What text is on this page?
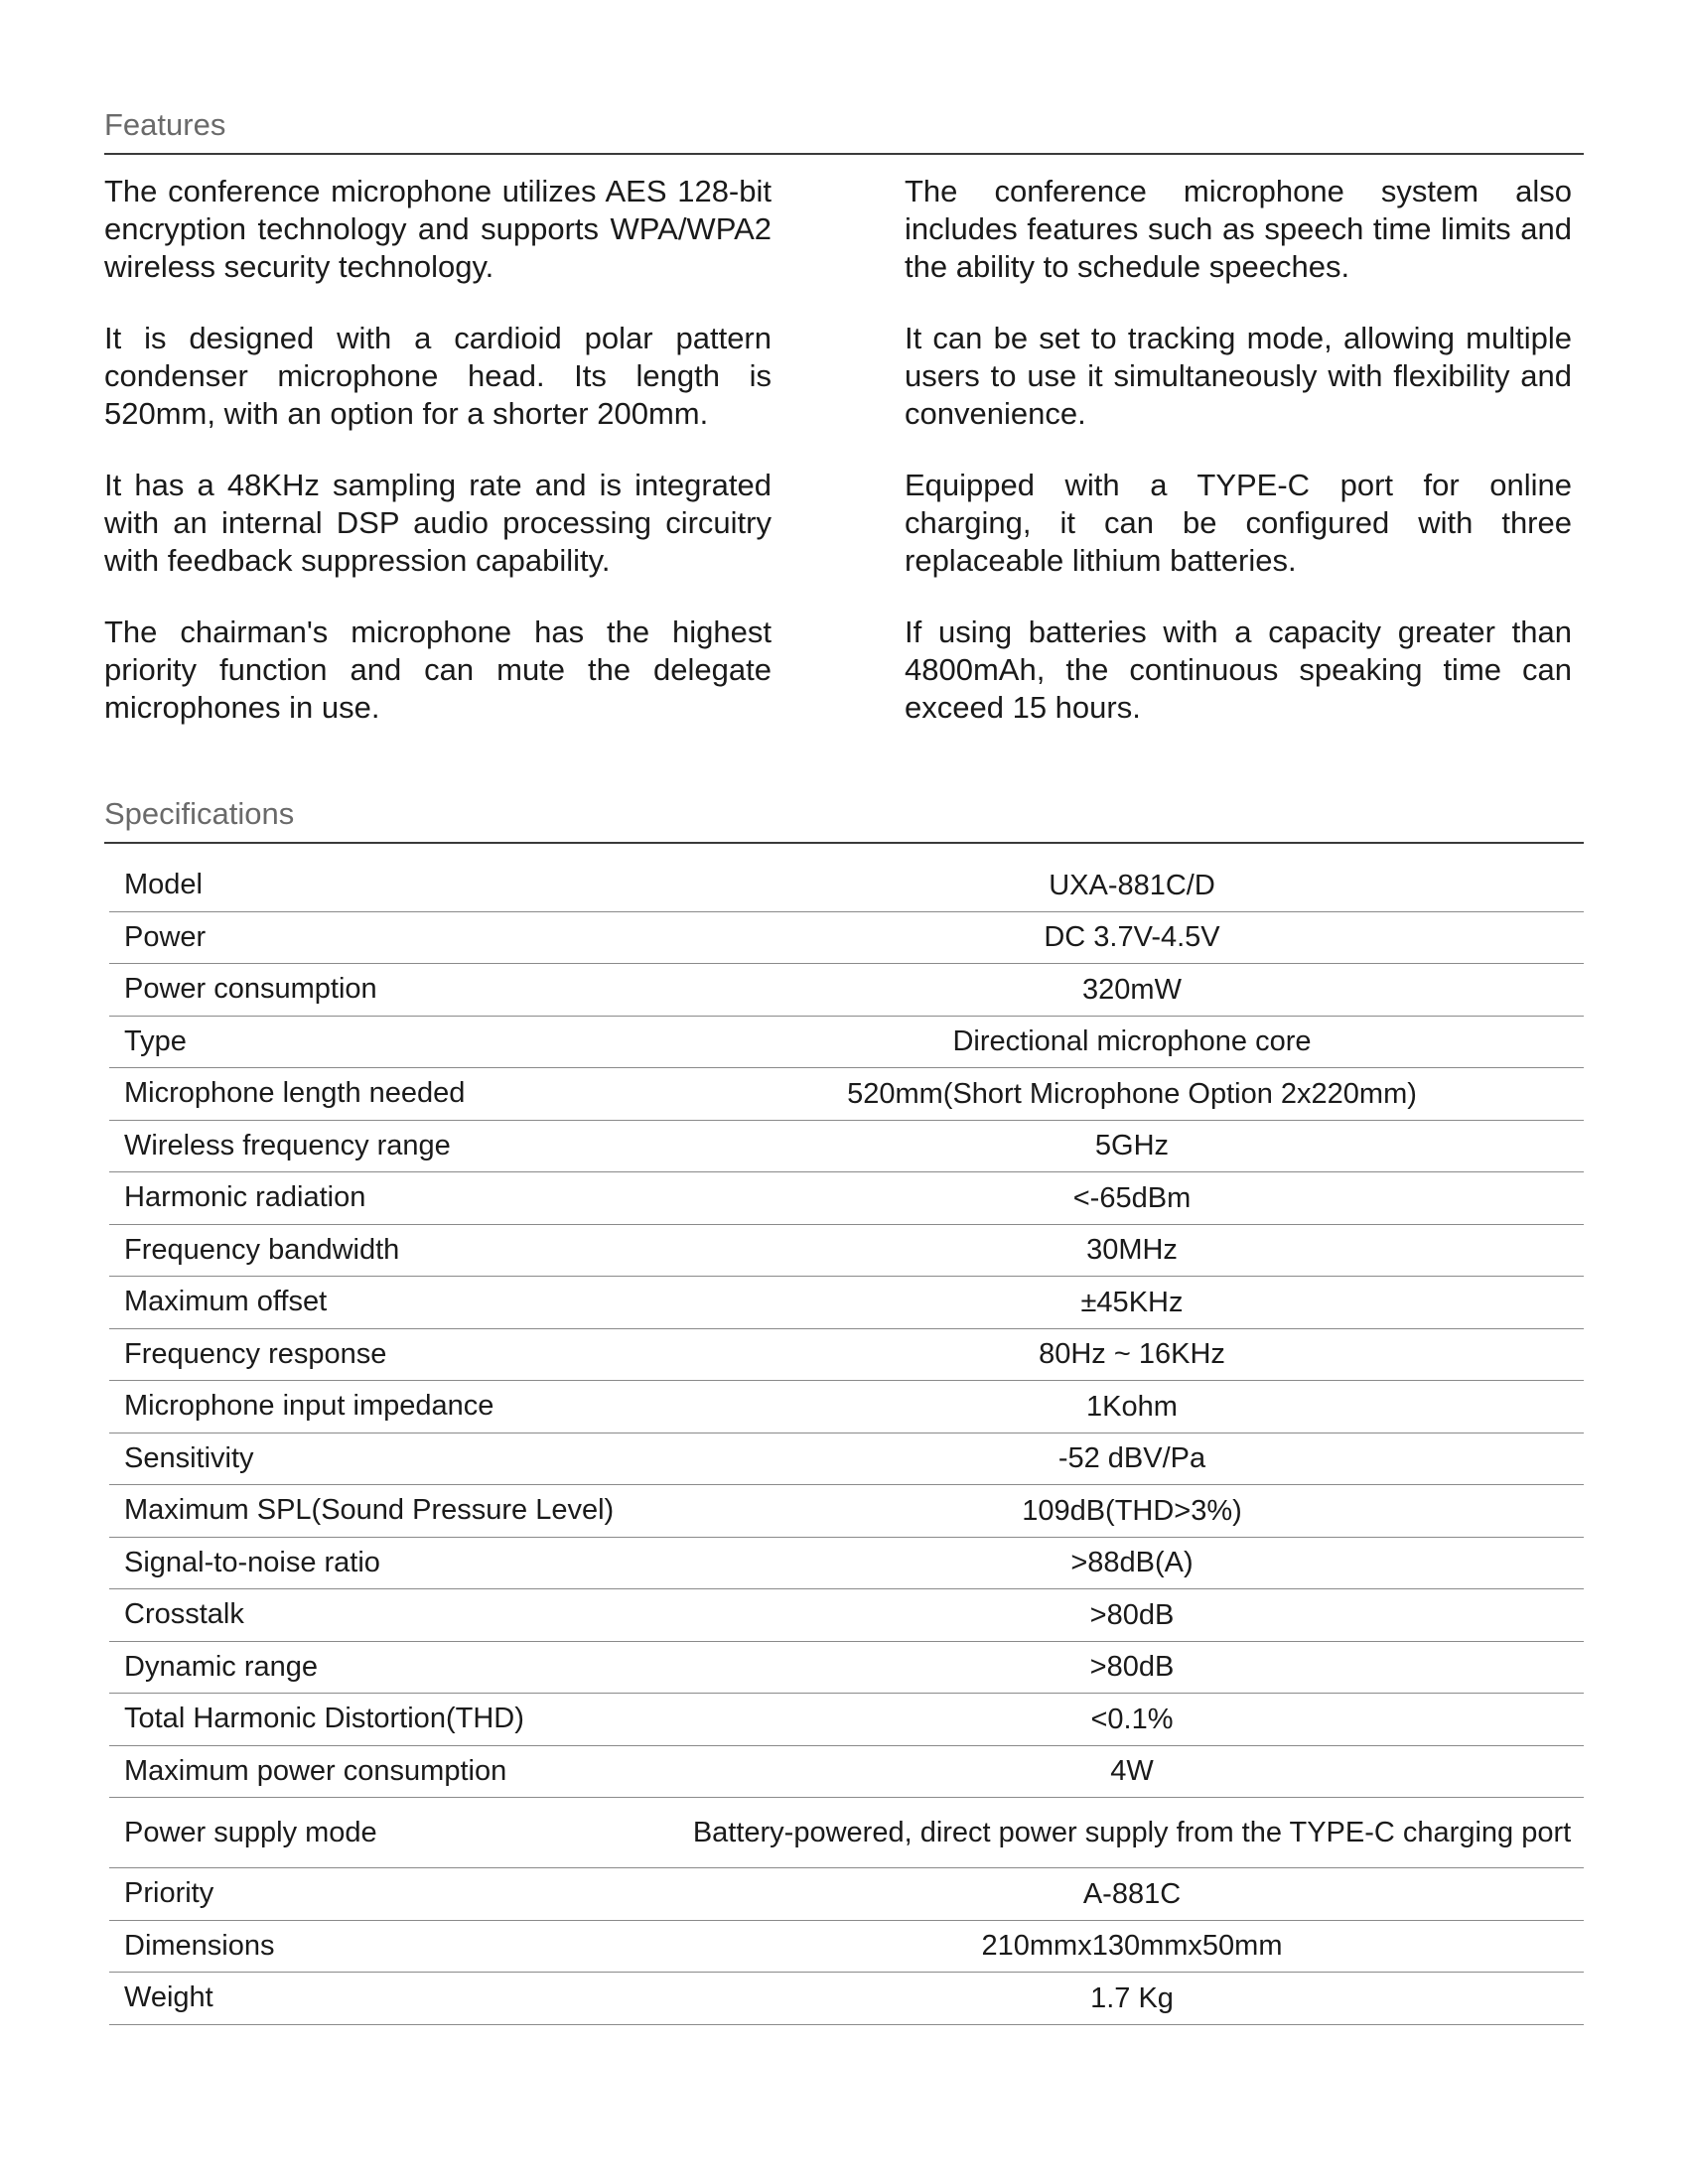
Features

The conference microphone utilizes AES 128-bit encryption technology and supports WPA/WPA2 wireless security technology.

It is designed with a cardioid polar pattern condenser microphone head. Its length is 520mm, with an option for a shorter 200mm.

It has a 48KHz sampling rate and is integrated with an internal DSP audio processing circuitry with feedback suppression capability.

The chairman's microphone has the highest priority function and can mute the delegate microphones in use.

The conference microphone system also includes features such as speech time limits and the ability to schedule speeches.

It can be set to tracking mode, allowing multiple users to use it simultaneously with flexibility and convenience.

Equipped with a TYPE-C port for online charging, it can be configured with three replaceable lithium batteries.

If using batteries with a capacity greater than 4800mAh, the continuous speaking time can exceed 15 hours.

Specifications
Model	UXA-881C/D
Power	DC 3.7V-4.5V
Power consumption	320mW
Type	Directional microphone core
Microphone length needed	520mm(Short Microphone Option 2x220mm)
Wireless frequency range	5GHz
Harmonic radiation	<-65dBm
Frequency bandwidth	30MHz
Maximum offset	±45KHz
Frequency response	80Hz ~ 16KHz
Microphone input impedance	1Kohm
Sensitivity	-52 dBV/Pa
Maximum SPL(Sound Pressure Level)	109dB(THD>3%)
Signal-to-noise ratio	>88dB(A)
Crosstalk	>80dB
Dynamic range	>80dB
Total Harmonic Distortion(THD)	<0.1%
Maximum power consumption	4W
Power supply mode	Battery-powered, direct power supply from the TYPE-C charging port
Priority	A-881C
Dimensions	210mmx130mmx50mm
Weight	1.7 Kg
